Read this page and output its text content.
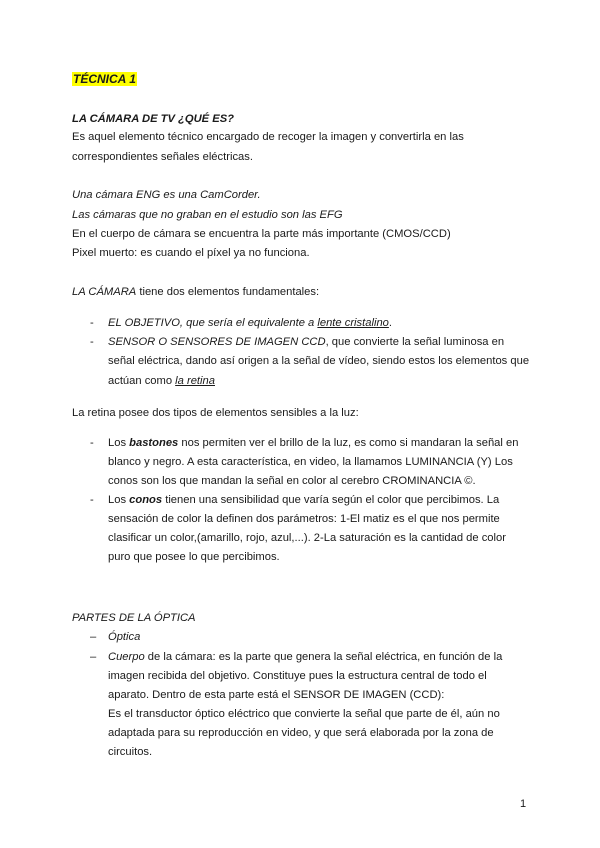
TÉCNICA 1
LA CÁMARA DE TV ¿QUÉ ES?
Es aquel elemento técnico encargado de recoger la imagen y convertirla en las
correspondientes señales eléctricas.
Una cámara ENG es una CamCorder.
Las cámaras que no graban en el estudio son las EFG
En el cuerpo de cámara se encuentra la parte más importante (CMOS/CCD)
Pixel muerto: es cuando el píxel ya no funciona.
LA CÁMARA tiene dos elementos fundamentales:
- EL OBJETIVO, que sería el equivalente a lente cristalino.
- SENSOR O SENSORES DE IMAGEN CCD, que convierte la señal luminosa en
señal eléctrica, dando así origen a la señal de vídeo, siendo estos los elementos que
actúan como la retina
La retina posee dos tipos de elementos sensibles a la luz:
- Los bastones nos permiten ver el brillo de la luz, es como si mandaran la señal en
blanco y negro. A esta característica, en video, la llamamos LUMINANCIA (Y) Los
conos son los que mandan la señal en color al cerebro CROMINANCIA ©.
- Los conos tienen una sensibilidad que varía según el color que percibimos. La
sensación de color la definen dos parámetros: 1-El matiz es el que nos permite
clasificar un color,(amarillo, rojo, azul,...). 2-La saturación es la cantidad de color
puro que posee lo que percibimos.
PARTES DE LA ÓPTICA
– Óptica
– Cuerpo de la cámara: es la parte que genera la señal eléctrica, en función de la
imagen recibida del objetivo. Constituye pues la estructura central de todo el
aparato. Dentro de esta parte está el SENSOR DE IMAGEN (CCD):
Es el transductor óptico eléctrico que convierte la señal que parte de él, aún no
adaptada para su reproducción en video, y que será elaborada por la zona de
circuitos.
1
